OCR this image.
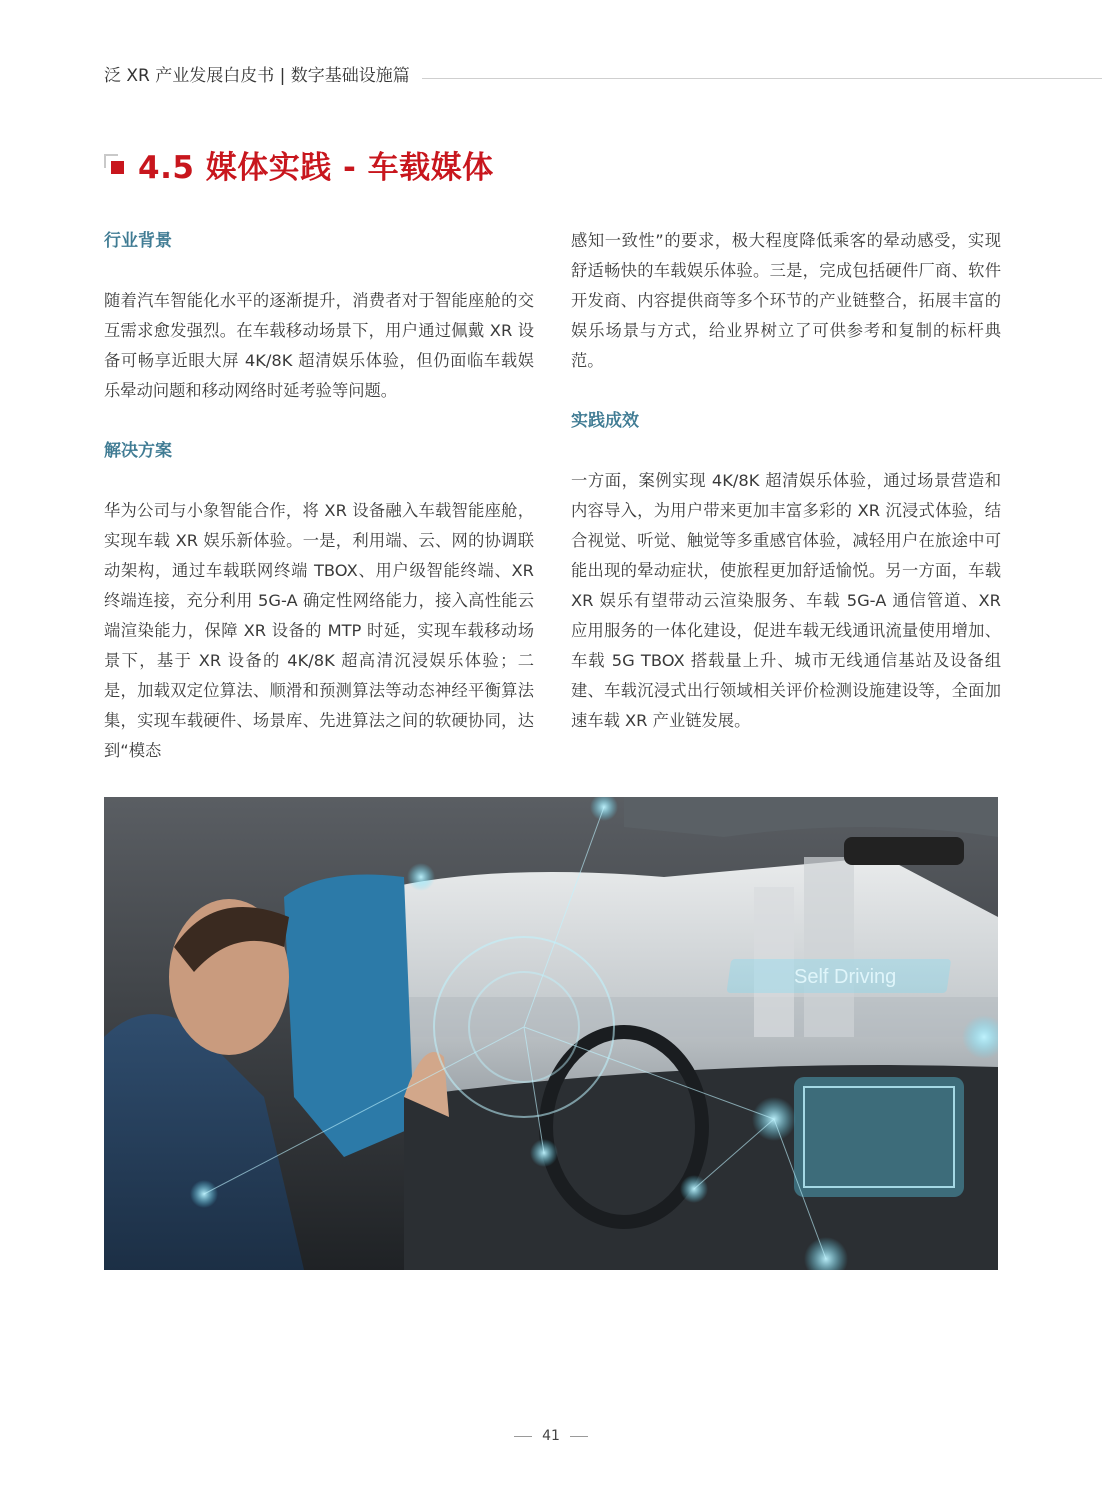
泛 XR 产业发展白皮书 | 数字基础设施篇
4.5 媒体实践 - 车载媒体

行业背景

随着汽车智能化水平的逐渐提升，消费者对于智能座舱的交互需求愈发强烈。在车载移动场景下，用户通过佩戴 XR 设备可畅享近眼大屏 4K/8K 超清娱乐体验，但仍面临车载娱乐晕动问题和移动网络时延考验等问题。

解决方案

华为公司与小象智能合作，将 XR 设备融入车载智能座舱，实现车载 XR 娱乐新体验。一是，利用端、云、网的协调联动架构，通过车载联网终端 TBOX、用户级智能终端、XR 终端连接，充分利用 5G-A 确定性网络能力，接入高性能云端渲染能力，保障 XR 设备的 MTP 时延，实现车载移动场景下，基于 XR 设备的 4K/8K 超高清沉浸娱乐体验；二是，加载双定位算法、顺滑和预测算法等动态神经平衡算法集，实现车载硬件、场景库、先进算法之间的软硬协同，达到“模态

感知一致性”的要求，极大程度降低乘客的晕动感受，实现舒适畅快的车载娱乐体验。三是，完成包括硬件厂商、软件开发商、内容提供商等多个环节的产业链整合，拓展丰富的娱乐场景与方式，给业界树立了可供参考和复制的标杆典范。

实践成效

一方面，案例实现 4K/8K 超清娱乐体验，通过场景营造和内容导入，为用户带来更加丰富多彩的 XR 沉浸式体验，结合视觉、听觉、触觉等多重感官体验，减轻用户在旅途中可能出现的晕动症状，使旅程更加舒适愉悦。另一方面，车载 XR 娱乐有望带动云渲染服务、车载 5G-A 通信管道、XR 应用服务的一体化建设，促进车载无线通讯流量使用增加、车载 5G TBOX 搭载量上升、城市无线通信基站及设备组建、车载沉浸式出行领域相关评价检测设施建设等，全面加速车载 XR 产业链发展。

Self Driving
41
